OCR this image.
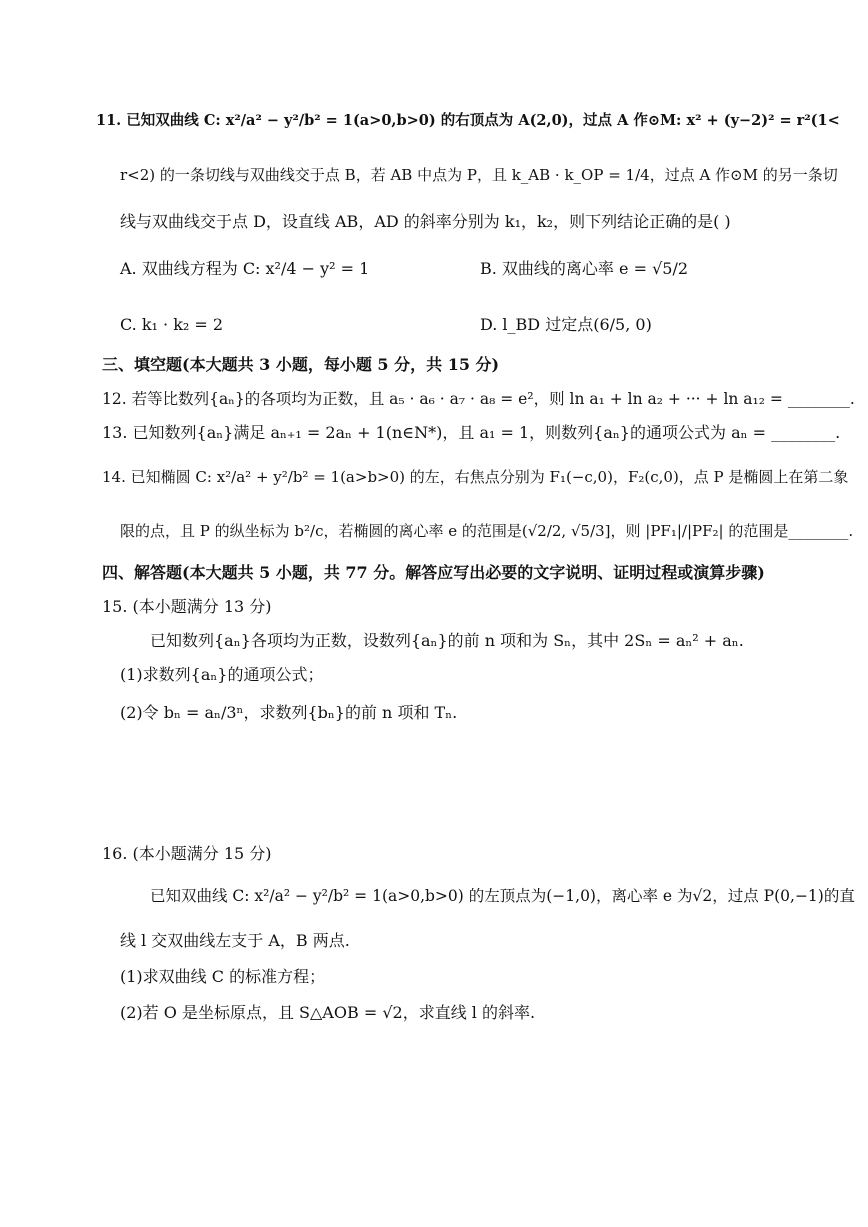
11. 已知双曲线 C: x²/a² − y²/b² = 1(a>0,b>0) 的右顶点为 A(2,0)，过点 A 作⊙M: x² + (y−2)² = r²(1<
r<2) 的一条切线与双曲线交于点 B，若 AB 中点为 P，且 k_AB · k_OP = 1/4，过点 A 作⊙M 的另一条切
线与双曲线交于点 D，设直线 AB，AD 的斜率分别为 k₁，k₂，则下列结论正确的是( )
A. 双曲线方程为 C: x²/4 − y² = 1	B. 双曲线的离心率 e = √5/2
C. k₁ · k₂ = 2	D. l_BD 过定点(6/5, 0)
三、填空题(本大题共 3 小题，每小题 5 分，共 15 分)
12. 若等比数列{aₙ}的各项均为正数，且 a₅ · a₆ · a₇ · a₈ = e²，则 ln a₁ + ln a₂ + ··· + ln a₁₂ = ________.
13. 已知数列{aₙ}满足 aₙ₊₁ = 2aₙ + 1(n∈N*)，且 a₁ = 1，则数列{aₙ}的通项公式为 aₙ = ________.
14. 已知椭圆 C: x²/a² + y²/b² = 1(a>b>0) 的左，右焦点分别为 F₁(−c,0)，F₂(c,0)，点 P 是椭圆上在第二象
限的点，且 P 的纵坐标为 b²/c，若椭圆的离心率 e 的范围是(√2/2, √5/3]，则 |PF₁|/|PF₂| 的范围是________.
四、解答题(本大题共 5 小题，共 77 分。解答应写出必要的文字说明、证明过程或演算步骤)
15. (本小题满分 13 分)
已知数列{aₙ}各项均为正数，设数列{aₙ}的前 n 项和为 Sₙ，其中 2Sₙ = aₙ² + aₙ.
(1)求数列{aₙ}的通项公式；
(2)令 bₙ = aₙ/3ⁿ，求数列{bₙ}的前 n 项和 Tₙ.
16. (本小题满分 15 分)
已知双曲线 C: x²/a² − y²/b² = 1(a>0,b>0) 的左顶点为(−1,0)，离心率 e 为√2，过点 P(0,−1)的直
线 l 交双曲线左支于 A，B 两点.
(1)求双曲线 C 的标准方程；
(2)若 O 是坐标原点，且 S△AOB = √2，求直线 l 的斜率.
